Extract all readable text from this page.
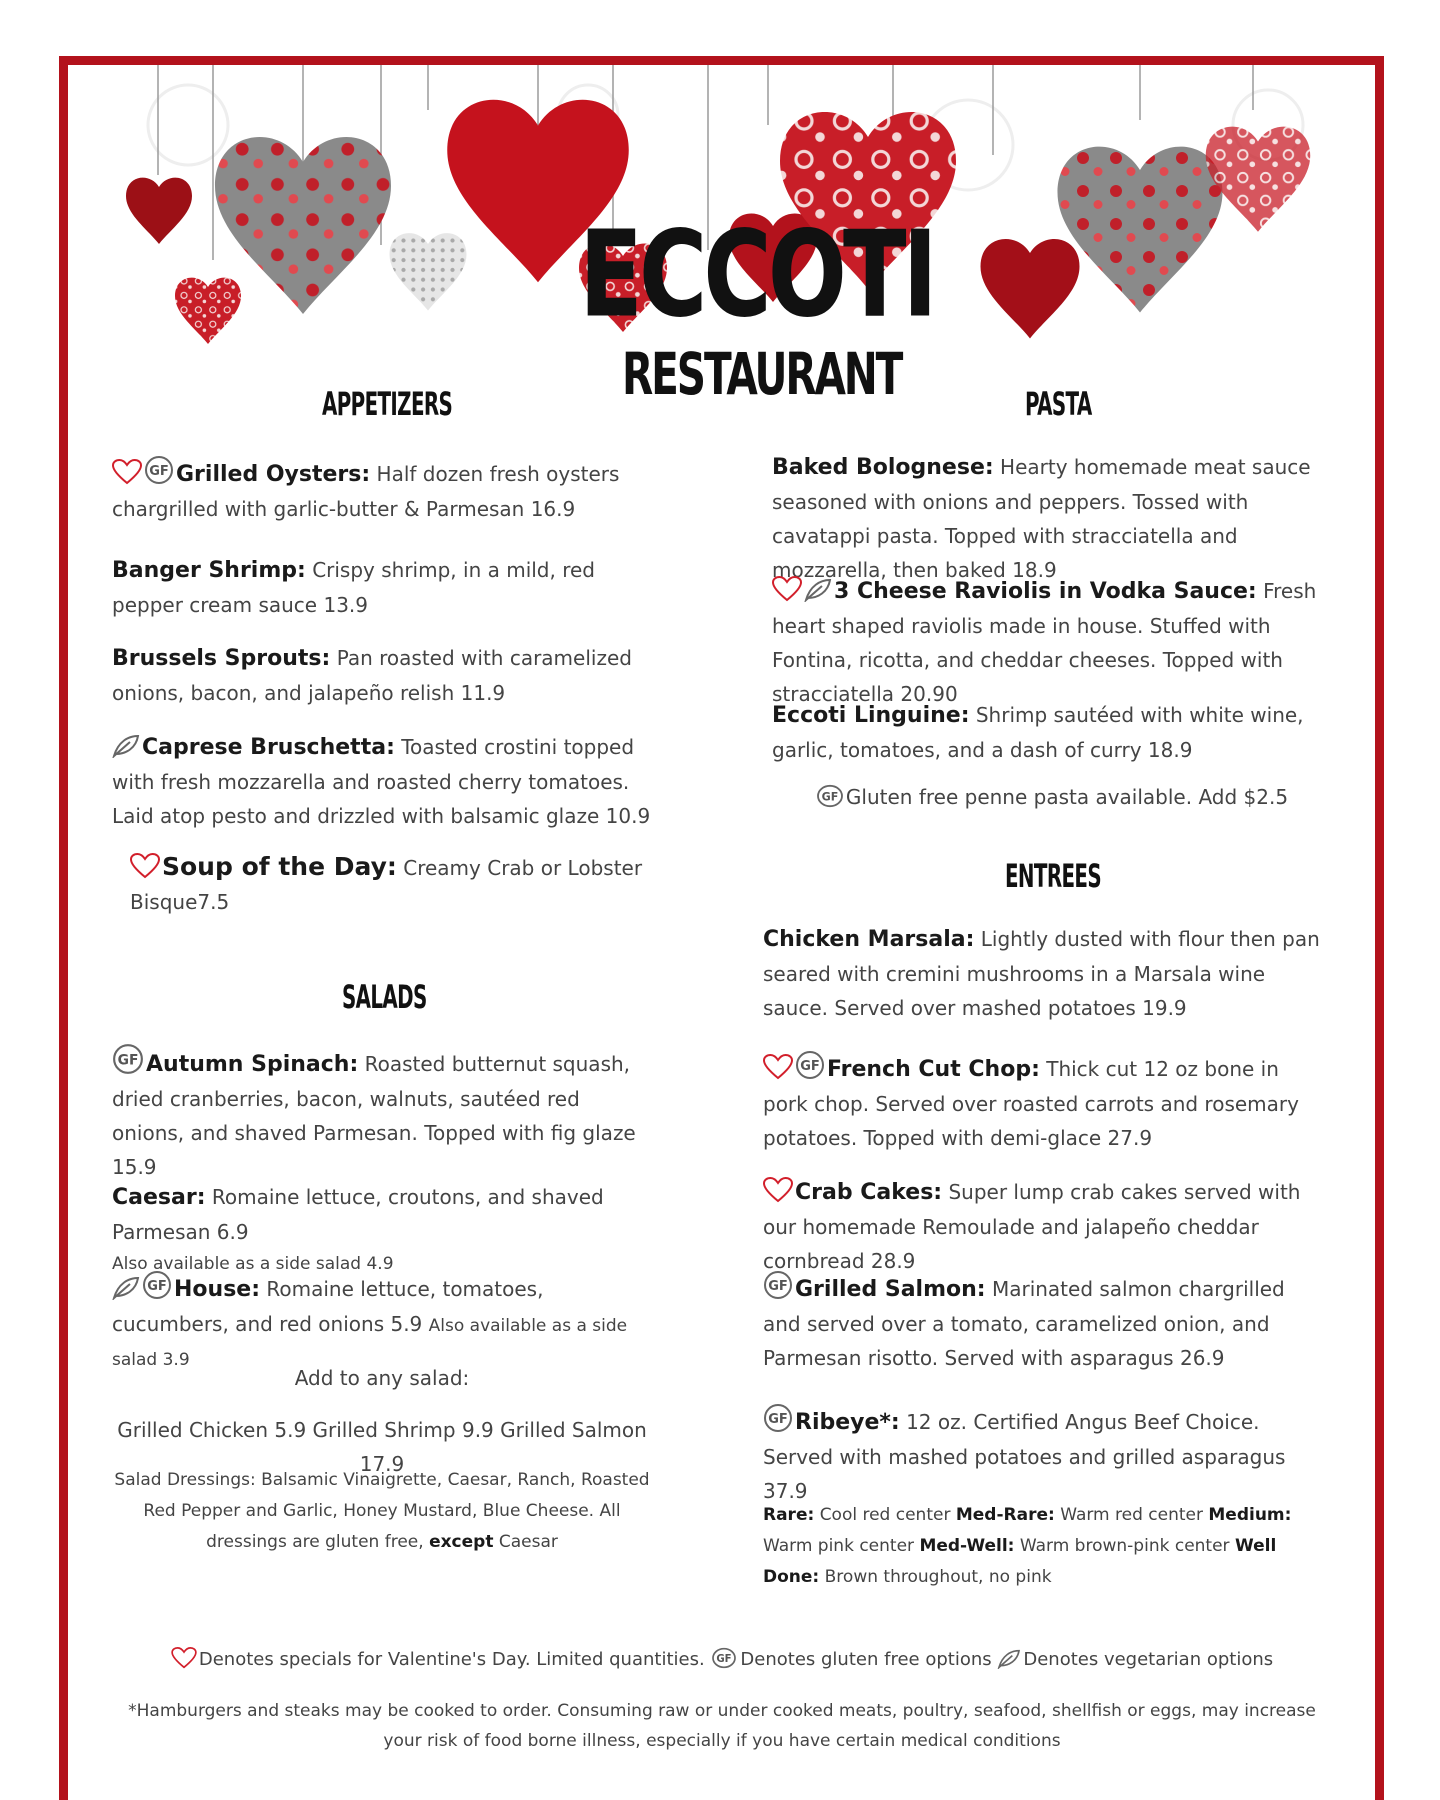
ECCOTI
RESTAURANT
APPETIZERS	PASTA
SALADS
ENTREES

GF Grilled Oysters: Half dozen fresh oysters chargrilled with garlic-butter & Parmesan 16.9

Banger Shrimp: Crispy shrimp, in a mild, red pepper cream sauce 13.9

Brussels Sprouts: Pan roasted with caramelized onions, bacon, and jalapeño relish 11.9

Caprese Bruschetta: Toasted crostini topped with fresh mozzarella and roasted cherry tomatoes. Laid atop pesto and drizzled with balsamic glaze 10.9

Soup of the Day: Creamy Crab or Lobster Bisque7.5

GF Autumn Spinach: Roasted butternut squash, dried cranberries, bacon, walnuts, sautéed red onions, and shaved Parmesan. Topped with fig glaze 15.9

Caesar: Romaine lettuce, croutons, and shaved Parmesan 6.9

Also available as a side salad 4.9

GF House: Romaine lettuce, tomatoes, cucumbers, and red onions 5.9 Also available as a side salad 3.9

Add to any salad:
Grilled Chicken 5.9 Grilled Shrimp 9.9 Grilled Salmon 17.9
Salad Dressings: Balsamic Vinaigrette, Caesar, Ranch, Roasted Red Pepper and Garlic, Honey Mustard, Blue Cheese. All dressings are gluten free, except Caesar

Baked Bolognese: Hearty homemade meat sauce seasoned with onions and peppers. Tossed with cavatappi pasta. Topped with stracciatella and mozzarella, then baked 18.9

3 Cheese Raviolis in Vodka Sauce: Fresh heart shaped raviolis made in house. Stuffed with Fontina, ricotta, and cheddar cheeses. Topped with stracciatella 20.90

Eccoti Linguine: Shrimp sautéed with white wine, garlic, tomatoes, and a dash of curry 18.9

GF Gluten free penne pasta available. Add $2.5

Chicken Marsala: Lightly dusted with flour then pan seared with cremini mushrooms in a Marsala wine sauce. Served over mashed potatoes 19.9

GF French Cut Chop: Thick cut 12 oz bone in pork chop. Served over roasted carrots and rosemary potatoes. Topped with demi-glace 27.9

Crab Cakes: Super lump crab cakes served with our homemade Remoulade and jalapeño cheddar cornbread 28.9

GF Grilled Salmon: Marinated salmon chargrilled and served over a tomato, caramelized onion, and Parmesan risotto. Served with asparagus 26.9

GF Ribeye*: 12 oz. Certified Angus Beef Choice. Served with mashed potatoes and grilled asparagus 37.9

Rare: Cool red center Med-Rare: Warm red center Medium: Warm pink center Med-Well: Warm brown-pink center Well Done: Brown throughout, no pink
Denotes specials for Valentine's Day. Limited quantities. GF Denotes gluten free options Denotes vegetarian options
*Hamburgers and steaks may be cooked to order. Consuming raw or under cooked meats, poultry, seafood, shellfish or eggs, may increase your risk of food borne illness, especially if you have certain medical conditions
